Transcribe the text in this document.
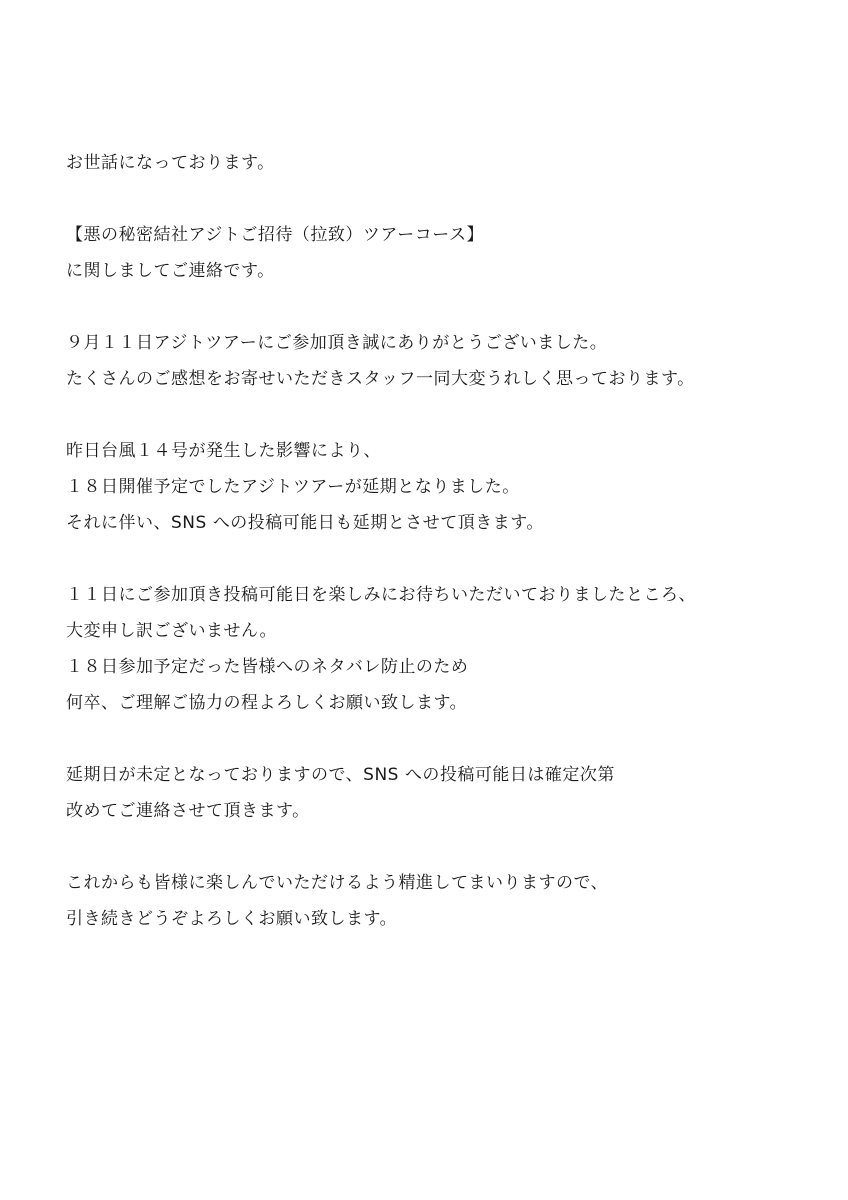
お世話になっております。
【悪の秘密結社アジトご招待（拉致）ツアーコース】
に関しましてご連絡です。
９月１１日アジトツアーにご参加頂き誠にありがとうございました。
たくさんのご感想をお寄せいただきスタッフ一同大変うれしく思っております。
昨日台風１４号が発生した影響により、
１８日開催予定でしたアジトツアーが延期となりました。
それに伴い、SNS への投稿可能日も延期とさせて頂きます。
１１日にご参加頂き投稿可能日を楽しみにお待ちいただいておりましたところ、
大変申し訳ございません。
１８日参加予定だった皆様へのネタバレ防止のため
何卒、ご理解ご協力の程よろしくお願い致します。
延期日が未定となっておりますので、SNS への投稿可能日は確定次第
改めてご連絡させて頂きます。
これからも皆様に楽しんでいただけるよう精進してまいりますので、
引き続きどうぞよろしくお願い致します。
